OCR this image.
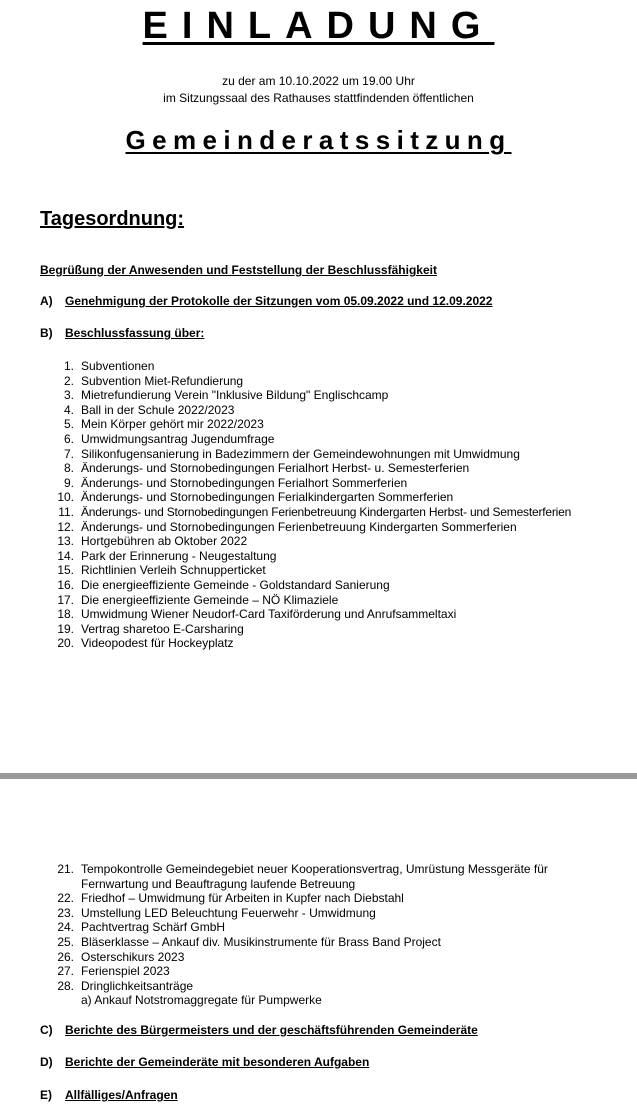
EINLADUNG
zu der am 10.10.2022 um 19.00 Uhr
im Sitzungssaal des Rathauses stattfindenden öffentlichen
Gemeinderatssitzung
Tagesordnung:
Begrüßung der Anwesenden und Feststellung der Beschlussfähigkeit
A) Genehmigung der Protokolle der Sitzungen vom 05.09.2022 und 12.09.2022
B) Beschlussfassung über:
1. Subventionen
2. Subvention Miet-Refundierung
3. Mietrefundierung Verein "Inklusive Bildung" Englischcamp
4. Ball in der Schule 2022/2023
5. Mein Körper gehört mir 2022/2023
6. Umwidmungsantrag Jugendumfrage
7. Silikonfugensanierung in Badezimmern der Gemeindewohnungen mit Umwidmung
8. Änderungs- und Stornobedingungen Ferialhort Herbst- u. Semesterferien
9. Änderungs- und Stornobedingungen Ferialhort Sommerferien
10. Änderungs- und Stornobedingungen Ferialkindergarten Sommerferien
11. Änderungs- und Stornobedingungen Ferienbetreuung Kindergarten Herbst- und Semesterferien
12. Änderungs- und Stornobedingungen Ferienbetreuung Kindergarten Sommerferien
13. Hortgebühren ab Oktober 2022
14. Park der Erinnerung - Neugestaltung
15. Richtlinien Verleih Schnupperticket
16. Die energieeffiziente Gemeinde - Goldstandard Sanierung
17. Die energieeffiziente Gemeinde – NÖ Klimaziele
18. Umwidmung Wiener Neudorf-Card Taxiförderung und Anrufsammeltaxi
19. Vertrag sharetoo E-Carsharing
20. Videopodest für Hockeyplatz
21. Tempokontrolle Gemeindegebiet neuer Kooperationsvertrag, Umrüstung Messgeräte für Fernwartung und Beauftragung laufende Betreuung
22. Friedhof – Umwidmung für Arbeiten in Kupfer nach Diebstahl
23. Umstellung LED Beleuchtung Feuerwehr - Umwidmung
24. Pachtvertrag Schärf GmbH
25. Bläserklasse – Ankauf div. Musikinstrumente für Brass Band Project
26. Osterschikurs 2023
27. Ferienspiel 2023
28. Dringlichkeitsanträge
a) Ankauf Notstromaggregate für Pumpwerke
C) Berichte des Bürgermeisters und der geschäftsführenden Gemeinderäte
D) Berichte der Gemeinderäte mit besonderen Aufgaben
E) Allfälliges/Anfragen
